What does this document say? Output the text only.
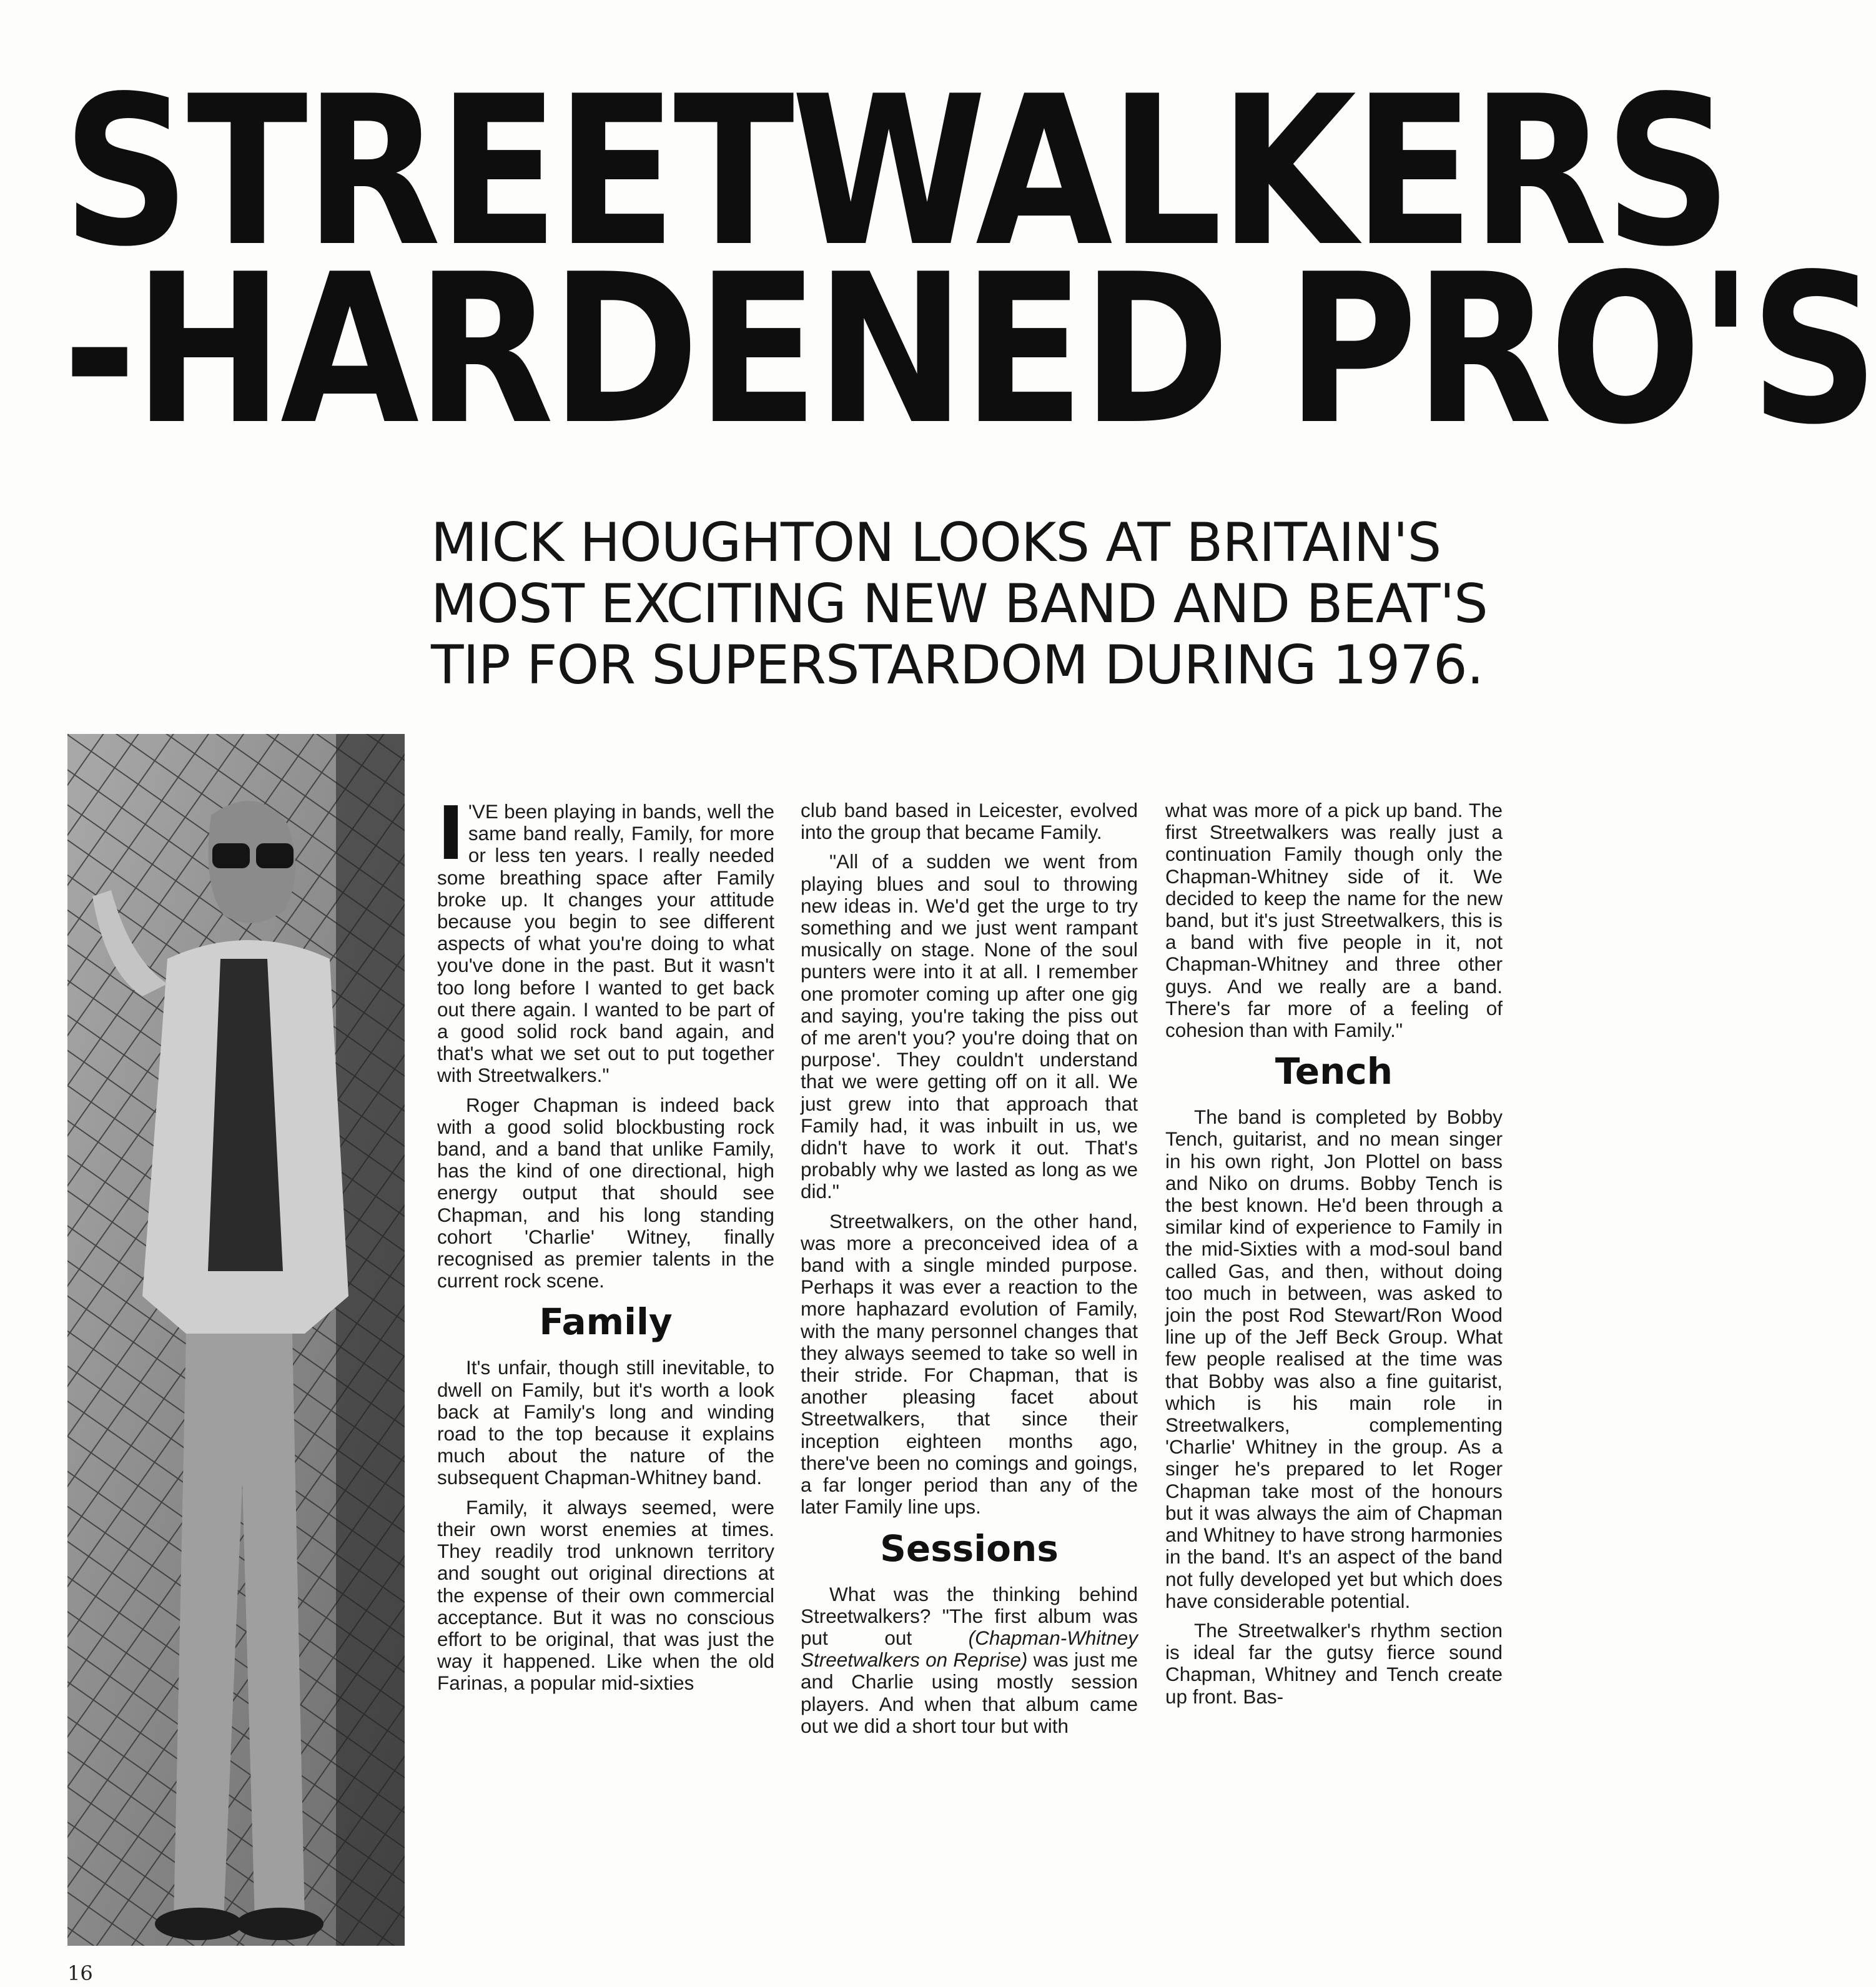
STREETWALKERS
-HARDENED PRO'S
MICK HOUGHTON LOOKS AT BRITAIN'S
MOST EXCITING NEW BAND AND BEAT'S
TIP FOR SUPERSTARDOM DURING 1976.

I 'VE been playing in bands, well the same band really, Family, for more or less ten years. I really needed some breathing space after Family broke up. It changes your attitude because you begin to see different aspects of what you're doing to what you've done in the past. But it wasn't too long before I wanted to get back out there again. I wanted to be part of a good solid rock band again, and that's what we set out to put together with Streetwalkers."

Roger Chapman is indeed back with a good solid blockbusting rock band, and a band that unlike Family, has the kind of one directional, high energy output that should see Chapman, and his long standing cohort 'Charlie' Witney, finally recognised as premier talents in the current rock scene.

Family

It's unfair, though still inevitable, to dwell on Family, but it's worth a look back at Family's long and winding road to the top because it explains much about the nature of the subsequent Chapman-Whitney band.

Family, it always seemed, were their own worst enemies at times. They readily trod unknown territory and sought out original directions at the expense of their own commercial acceptance. But it was no conscious effort to be original, that was just the way it happened. Like when the old Farinas, a popular mid-sixties

club band based in Leicester, evolved into the group that became Family.

"All of a sudden we went from playing blues and soul to throwing new ideas in. We'd get the urge to try something and we just went rampant musically on stage. None of the soul punters were into it at all. I remember one promoter coming up after one gig and saying, you're taking the piss out of me aren't you? you're doing that on purpose'. They couldn't understand that we were getting off on it all. We just grew into that approach that Family had, it was inbuilt in us, we didn't have to work it out. That's probably why we lasted as long as we did."

Streetwalkers, on the other hand, was more a preconceived idea of a band with a single minded purpose. Perhaps it was ever a reaction to the more haphazard evolution of Family, with the many personnel changes that they always seemed to take so well in their stride. For Chapman, that is another pleasing facet about Streetwalkers, that since their inception eighteen months ago, there've been no comings and goings, a far longer period than any of the later Family line ups.

Sessions

What was the thinking behind Streetwalkers? "The first album was put out (Chapman-Whitney Streetwalkers on Reprise) was just me and Charlie using mostly session players. And when that album came out we did a short tour but with

what was more of a pick up band. The first Streetwalkers was really just a continuation Family though only the Chapman-Whitney side of it. We decided to keep the name for the new band, but it's just Streetwalkers, this is a band with five people in it, not Chapman-Whitney and three other guys. And we really are a band. There's far more of a feeling of cohesion than with Family."

Tench

The band is completed by Bobby Tench, guitarist, and no mean singer in his own right, Jon Plottel on bass and Niko on drums. Bobby Tench is the best known. He'd been through a similar kind of experience to Family in the mid-Sixties with a mod-soul band called Gas, and then, without doing too much in between, was asked to join the post Rod Stewart/Ron Wood line up of the Jeff Beck Group. What few people realised at the time was that Bobby was also a fine guitarist, which is his main role in Streetwalkers, complementing 'Charlie' Whitney in the group. As a singer he's prepared to let Roger Chapman take most of the honours but it was always the aim of Chapman and Whitney to have strong harmonies in the band. It's an aspect of the band not fully developed yet but which does have considerable potential.

The Streetwalker's rhythm section is ideal far the gutsy fierce sound Chapman, Whitney and Tench create up front. Bas-

16
